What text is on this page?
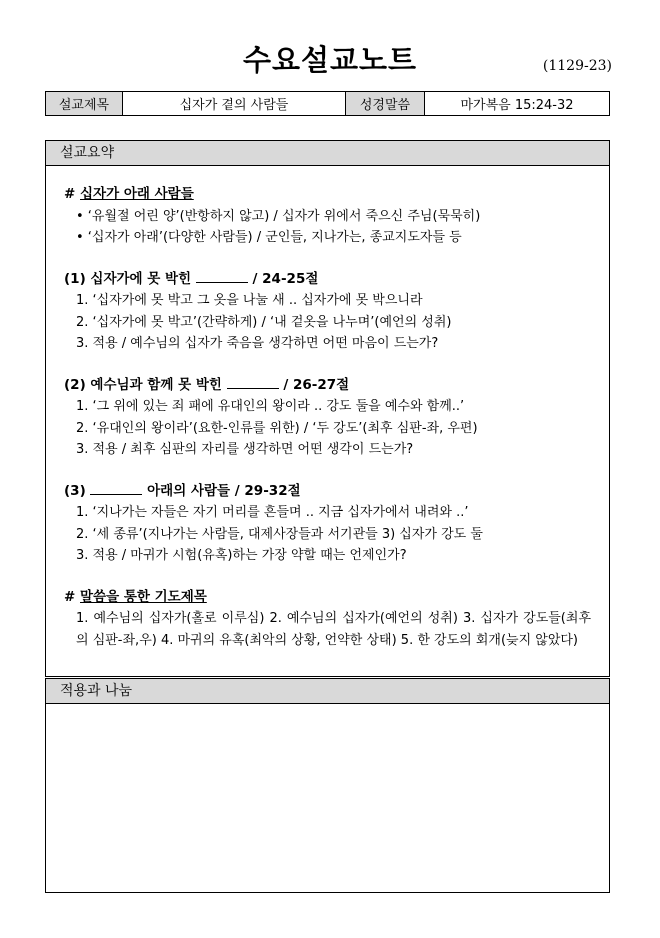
수요설교노트	(1129-23)
설교제목	십자가 곁의 사람들	성경말씀	마가복음 15:24-32
설교요약
# 십자가 아래 사람들
• ‘유월절 어린 양’(반항하지 않고) / 십자가 위에서 죽으신 주님(묵묵히)
• ‘십자가 아래’(다양한 사람들) / 군인들, 지나가는, 종교지도자들 등
(1) 십자가에 못 박힌	/ 24-25절
1. ‘십자가에 못 박고 그 옷을 나눌 새 .. 십자가에 못 박으니라
2. ‘십자가에 못 박고’(간략하게) / ‘내 겉옷을 나누며’(예언의 성취)
3. 적용 / 예수님의 십자가 죽음을 생각하면 어떤 마음이 드는가?
(2) 예수님과 함께 못 박힌	/ 26-27절
1. ‘그 위에 있는 죄 패에 유대인의 왕이라 .. 강도 둘을 예수와 함께..’
2. ‘유대인의 왕이라’(요한-인류를 위한) / ‘두 강도’(최후 심판-좌, 우편)
3. 적용 / 최후 심판의 자리를 생각하면 어떤 생각이 드는가?
(3)	아래의 사람들 / 29-32절
1. ‘지나가는 자들은 자기 머리를 흔들며 .. 지금 십자가에서 내려와 ..’
2. ‘세 종류’(지나가는 사람들, 대제사장들과 서기관들 3) 십자가 강도 둘
3. 적용 / 마귀가 시험(유혹)하는 가장 약할 때는 언제인가?
# 말씀을 통한 기도제목
1. 예수님의 십자가(홀로 이루심) 2. 예수님의 십자가(예언의 성취) 3. 십자가 강도들(최후의 심판-좌,우) 4. 마귀의 유혹(최악의 상황, 언약한 상태) 5. 한 강도의 회개(늦지 않았다)
적용과 나눔
